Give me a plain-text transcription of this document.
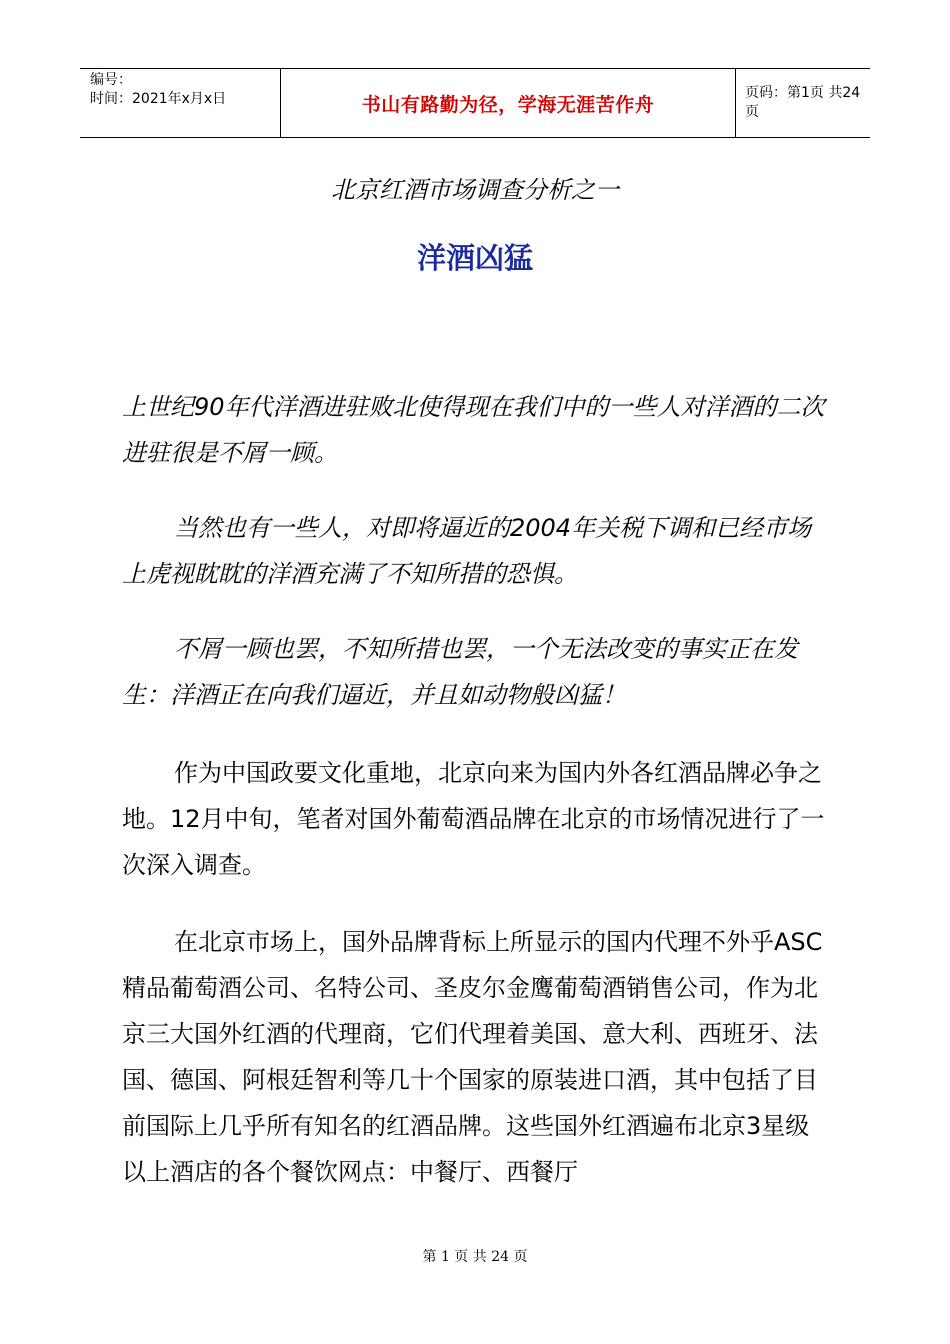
编号：
时间：2021年x月x日	书山有路勤为径，学海无涯苦作舟
页码：第1页 共24页
北京红酒市场调查分析之一
洋酒凶猛

上世纪90年代洋酒进驻败北使得现在我们中的一些人对洋酒的二次进驻很是不屑一顾。

当然也有一些人，对即将逼近的2004年关税下调和已经市场上虎视眈眈的洋酒充满了不知所措的恐惧。

不屑一顾也罢，不知所措也罢，一个无法改变的事实正在发生：洋酒正在向我们逼近，并且如动物般凶猛！

作为中国政要文化重地，北京向来为国内外各红酒品牌必争之地。12月中旬，笔者对国外葡萄酒品牌在北京的市场情况进行了一次深入调查。

在北京市场上，国外品牌背标上所显示的国内代理不外乎ASC精品葡萄酒公司、名特公司、圣皮尔金鹰葡萄酒销售公司，作为北京三大国外红酒的代理商，它们代理着美国、意大利、西班牙、法国、德国、阿根廷智利等几十个国家的原装进口酒，其中包括了目前国际上几乎所有知名的红酒品牌。这些国外红酒遍布北京3星级以上酒店的各个餐饮网点：中餐厅、西餐厅

第 1 页 共 24 页
